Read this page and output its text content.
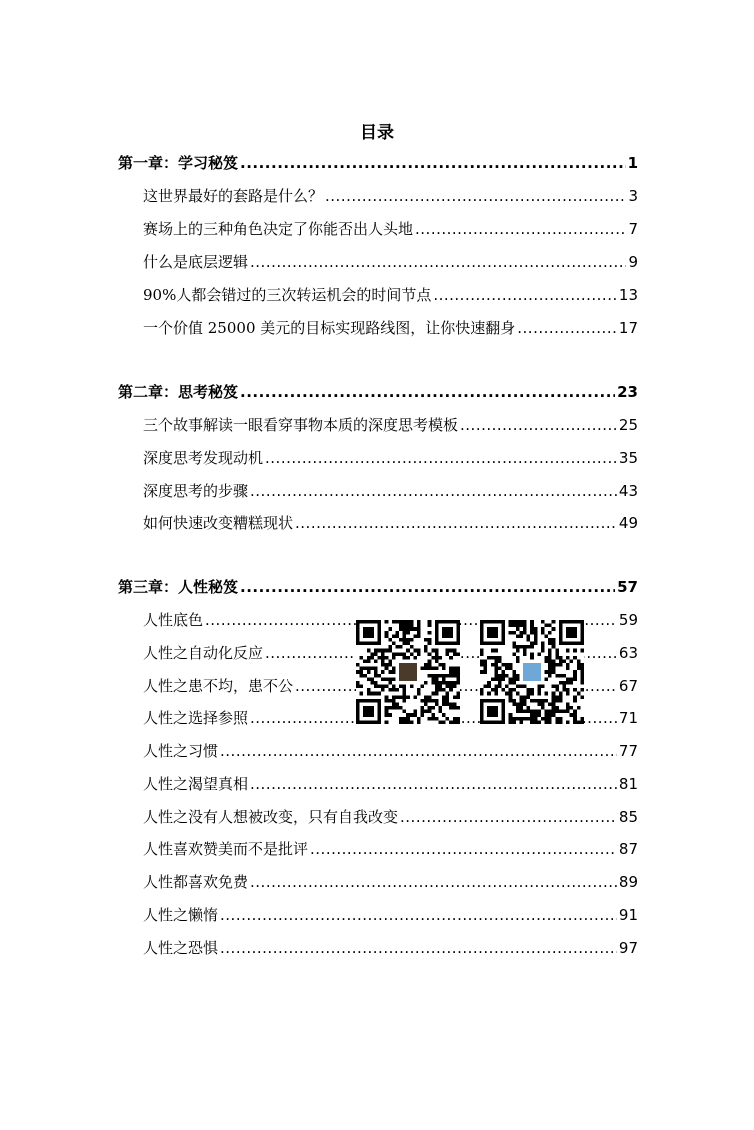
目录
第一章：学习秘笈 .....	1
这世界最好的套路是什么？ .....	3
赛场上的三种角色决定了你能否出人头地 .....	7
什么是底层逻辑 .....	9
90%人都会错过的三次转运机会的时间节点 .....	13
一个价值 25000 美元的目标实现路线图，让你快速翻身 .....	17
第二章：思考秘笈 .....	23
三个故事解读一眼看穿事物本质的深度思考模板 .....	25
深度思考发现动机 .....	35
深度思考的步骤 .....	43
如何快速改变糟糕现状 .....	49
第三章：人性秘笈 .....	57
人性底色 .....	59
人性之自动化反应 .....	63
人性之患不均，患不公 .....	67
人性之选择参照 .....	71
人性之习惯 .....	77
人性之渴望真相 .....	81
人性之没有人想被改变，只有自我改变 .....	85
人性喜欢赞美而不是批评 .....	87
人性都喜欢免费 .....	89
人性之懒惰 .....	91
人性之恐惧 .....	97
